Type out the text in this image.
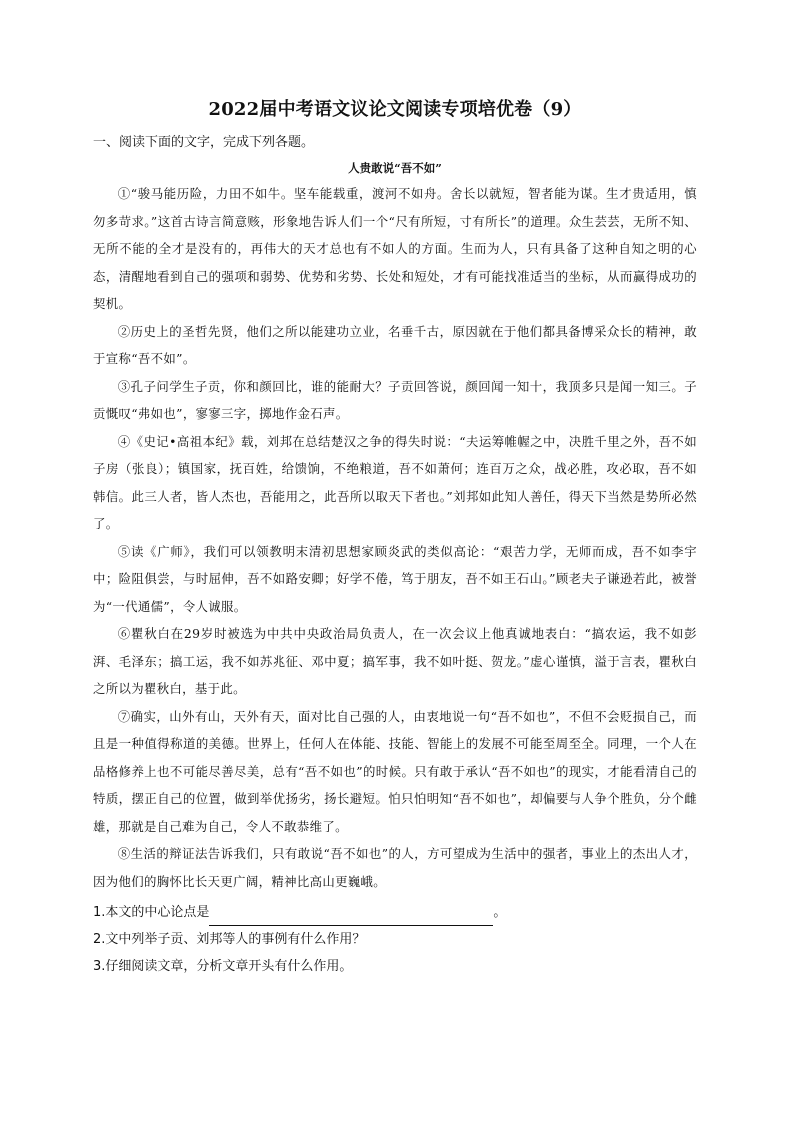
2022届中考语文议论文阅读专项培优卷（9）

一、阅读下面的文字，完成下列各题。

人贵敢说“吾不如”

①“骏马能历险，力田不如牛。坚车能载重，渡河不如舟。舍长以就短，智者能为谋。生才贵适用，慎勿多苛求。”这首古诗言简意赅，形象地告诉人们一个“尺有所短，寸有所长”的道理。众生芸芸，无所不知、无所不能的全才是没有的，再伟大的天才总也有不如人的方面。生而为人，只有具备了这种自知之明的心态，清醒地看到自己的强项和弱势、优势和劣势、长处和短处，才有可能找准适当的坐标，从而赢得成功的契机。

②历史上的圣哲先贤，他们之所以能建功立业，名垂千古，原因就在于他们都具备博采众长的精神，敢于宣称“吾不如”。

③孔子问学生子贡，你和颜回比，谁的能耐大？子贡回答说，颜回闻一知十，我顶多只是闻一知三。子贡慨叹“弗如也”，寥寥三字，掷地作金石声。

④《史记•高祖本纪》载，刘邦在总结楚汉之争的得失时说：“夫运筹帷幄之中，决胜千里之外，吾不如子房（张良）；镇国家，抚百姓，给馈饷，不绝粮道，吾不如萧何；连百万之众，战必胜，攻必取，吾不如韩信。此三人者，皆人杰也，吾能用之，此吾所以取天下者也。”刘邦如此知人善任，得天下当然是势所必然了。

⑤读《广师》，我们可以领教明末清初思想家顾炎武的类似高论：“艰苦力学，无师而成，吾不如李宇中；险阻俱尝，与时屈伸，吾不如路安卿；好学不倦，笃于朋友，吾不如王石山。”顾老夫子谦逊若此，被誉为“一代通儒”，令人诚服。

⑥瞿秋白在29岁时被选为中共中央政治局负责人，在一次会议上他真诚地表白：“搞农运，我不如彭湃、毛泽东；搞工运，我不如苏兆征、邓中夏；搞军事，我不如叶挺、贺龙。”虚心谨慎，溢于言表，瞿秋白之所以为瞿秋白，基于此。

⑦确实，山外有山，天外有天，面对比自己强的人，由衷地说一句“吾不如也”，不但不会贬损自己，而且是一种值得称道的美德。世界上，任何人在体能、技能、智能上的发展不可能至周至全。同理，一个人在品格修养上也不可能尽善尽美，总有“吾不如也”的时候。只有敢于承认“吾不如也”的现实，才能看清自己的特质，摆正自己的位置，做到举优扬劣，扬长避短。怕只怕明知“吾不如也”，却偏要与人争个胜负，分个雌雄，那就是自己难为自己，令人不敢恭维了。

⑧生活的辩证法告诉我们，只有敢说“吾不如也”的人，方可望成为生活中的强者，事业上的杰出人才，因为他们的胸怀比长天更广阔，精神比高山更巍峨。

1.本文的中心论点是	。

2.文中列举子贡、刘邦等人的事例有什么作用？

3.仔细阅读文章，分析文章开头有什么作用。
